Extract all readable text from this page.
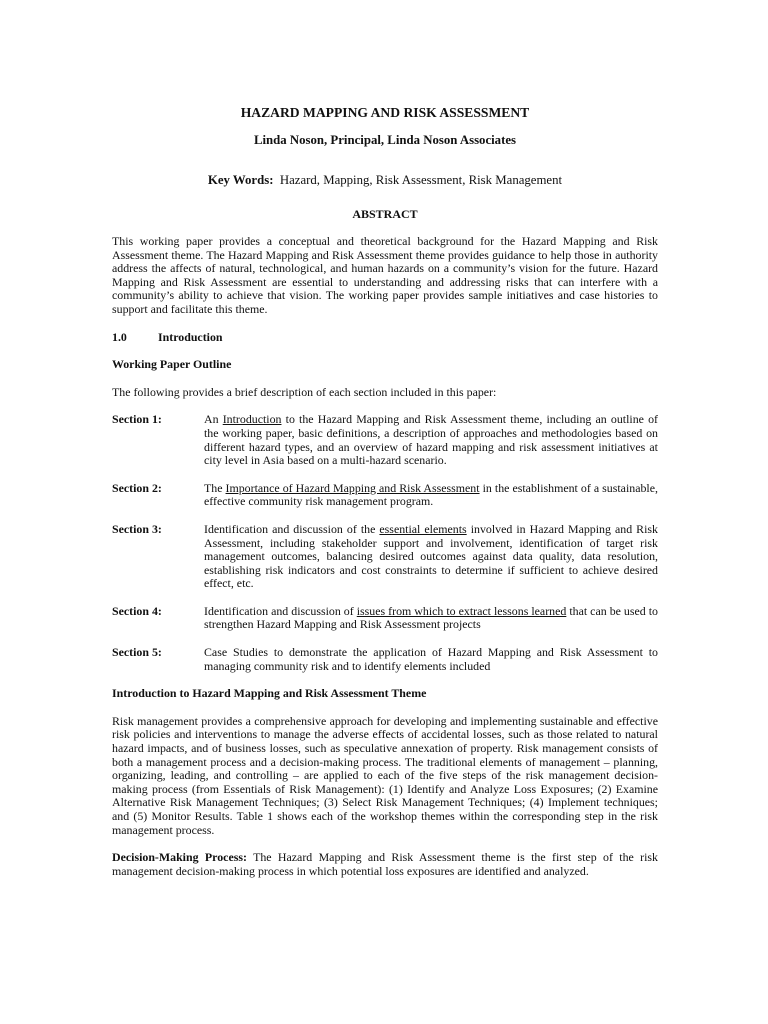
HAZARD MAPPING AND RISK ASSESSMENT
Linda Noson, Principal, Linda Noson Associates
Key Words: Hazard, Mapping, Risk Assessment, Risk Management
ABSTRACT

This working paper provides a conceptual and theoretical background for the Hazard Mapping and Risk Assessment theme. The Hazard Mapping and Risk Assessment theme provides guidance to help those in authority address the affects of natural, technological, and human hazards on a community’s vision for the future. Hazard Mapping and Risk Assessment are essential to understanding and addressing risks that can interfere with a community’s ability to achieve that vision. The working paper provides sample initiatives and case histories to support and facilitate this theme.

1.0	Introduction
Working Paper Outline

The following provides a brief description of each section included in this paper:

Section 1:	An Introduction to the Hazard Mapping and Risk Assessment theme, including an outline of the working paper, basic definitions, a description of approaches and methodologies based on different hazard types, and an overview of hazard mapping and risk assessment initiatives at city level in Asia based on a multi-hazard scenario.
Section 2:	The Importance of Hazard Mapping and Risk Assessment in the establishment of a sustainable, effective community risk management program.
Section 3:	Identification and discussion of the essential elements involved in Hazard Mapping and Risk Assessment, including stakeholder support and involvement, identification of target risk management outcomes, balancing desired outcomes against data quality, data resolution, establishing risk indicators and cost constraints to determine if sufficient to achieve desired effect, etc.
Section 4:	Identification and discussion of issues from which to extract lessons learned that can be used to strengthen Hazard Mapping and Risk Assessment projects
Section 5:	Case Studies to demonstrate the application of Hazard Mapping and Risk Assessment to managing community risk and to identify elements included
Introduction to Hazard Mapping and Risk Assessment Theme

Risk management provides a comprehensive approach for developing and implementing sustainable and effective risk policies and interventions to manage the adverse effects of accidental losses, such as those related to natural hazard impacts, and of business losses, such as speculative annexation of property. Risk management consists of both a management process and a decision-making process. The traditional elements of management – planning, organizing, leading, and controlling – are applied to each of the five steps of the risk management decision-making process (from Essentials of Risk Management): (1) Identify and Analyze Loss Exposures; (2) Examine Alternative Risk Management Techniques; (3) Select Risk Management Techniques; (4) Implement techniques; and (5) Monitor Results. Table 1 shows each of the workshop themes within the corresponding step in the risk management process.

Decision-Making Process: The Hazard Mapping and Risk Assessment theme is the first step of the risk management decision-making process in which potential loss exposures are identified and analyzed.
